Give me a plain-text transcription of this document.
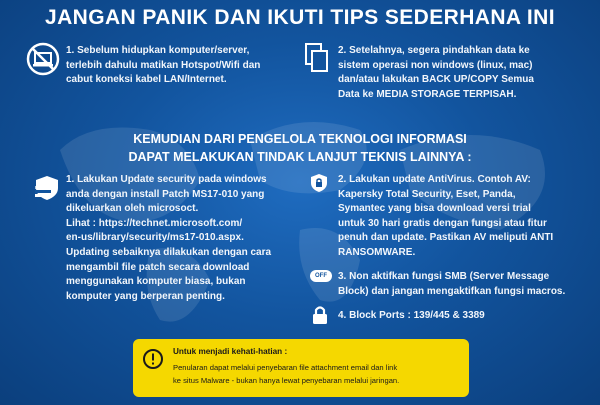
JANGAN PANIK DAN IKUTI TIPS SEDERHANA INI
1. Sebelum hidupkan komputer/server,
terlebih dahulu matikan Hotspot/Wifi dan
cabut koneksi kabel LAN/Internet.
2. Setelahnya, segera pindahkan data ke
sistem operasi non windows (linux, mac)
dan/atau lakukan BACK UP/COPY Semua
Data ke MEDIA STORAGE TERPISAH.
KEMUDIAN DARI PENGELOLA TEKNOLOGI INFORMASI
DAPAT MELAKUKAN TINDAK LANJUT TEKNIS LAINNYA :
1. Lakukan Update security pada windows
anda dengan install Patch MS17-010 yang
dikeluarkan oleh microsoct.
Lihat : https://technet.microsoft.com/
en-us/library/security/ms17-010.aspx.
Updating sebaiknya dilakukan dengan cara
mengambil file patch secara download
menggunakan komputer biasa, bukan
komputer yang berperan penting.
2. Lakukan update AntiVirus. Contoh AV:
Kapersky Total Security, Eset, Panda,
Symantec yang bisa download versi trial
untuk 30 hari gratis dengan fungsi atau fitur
penuh dan update. Pastikan AV meliputi ANTI
RANSOMWARE.
OFF	3. Non aktifkan fungsi SMB (Server Message
Block) dan jangan mengaktifkan fungsi macros.
4. Block Ports : 139/445 & 3389
Untuk menjadi kehati-hatian :
Penularan dapat melalui penyebaran file attachment email dan link
ke situs Malware - bukan hanya lewat penyebaran melalui jaringan.
